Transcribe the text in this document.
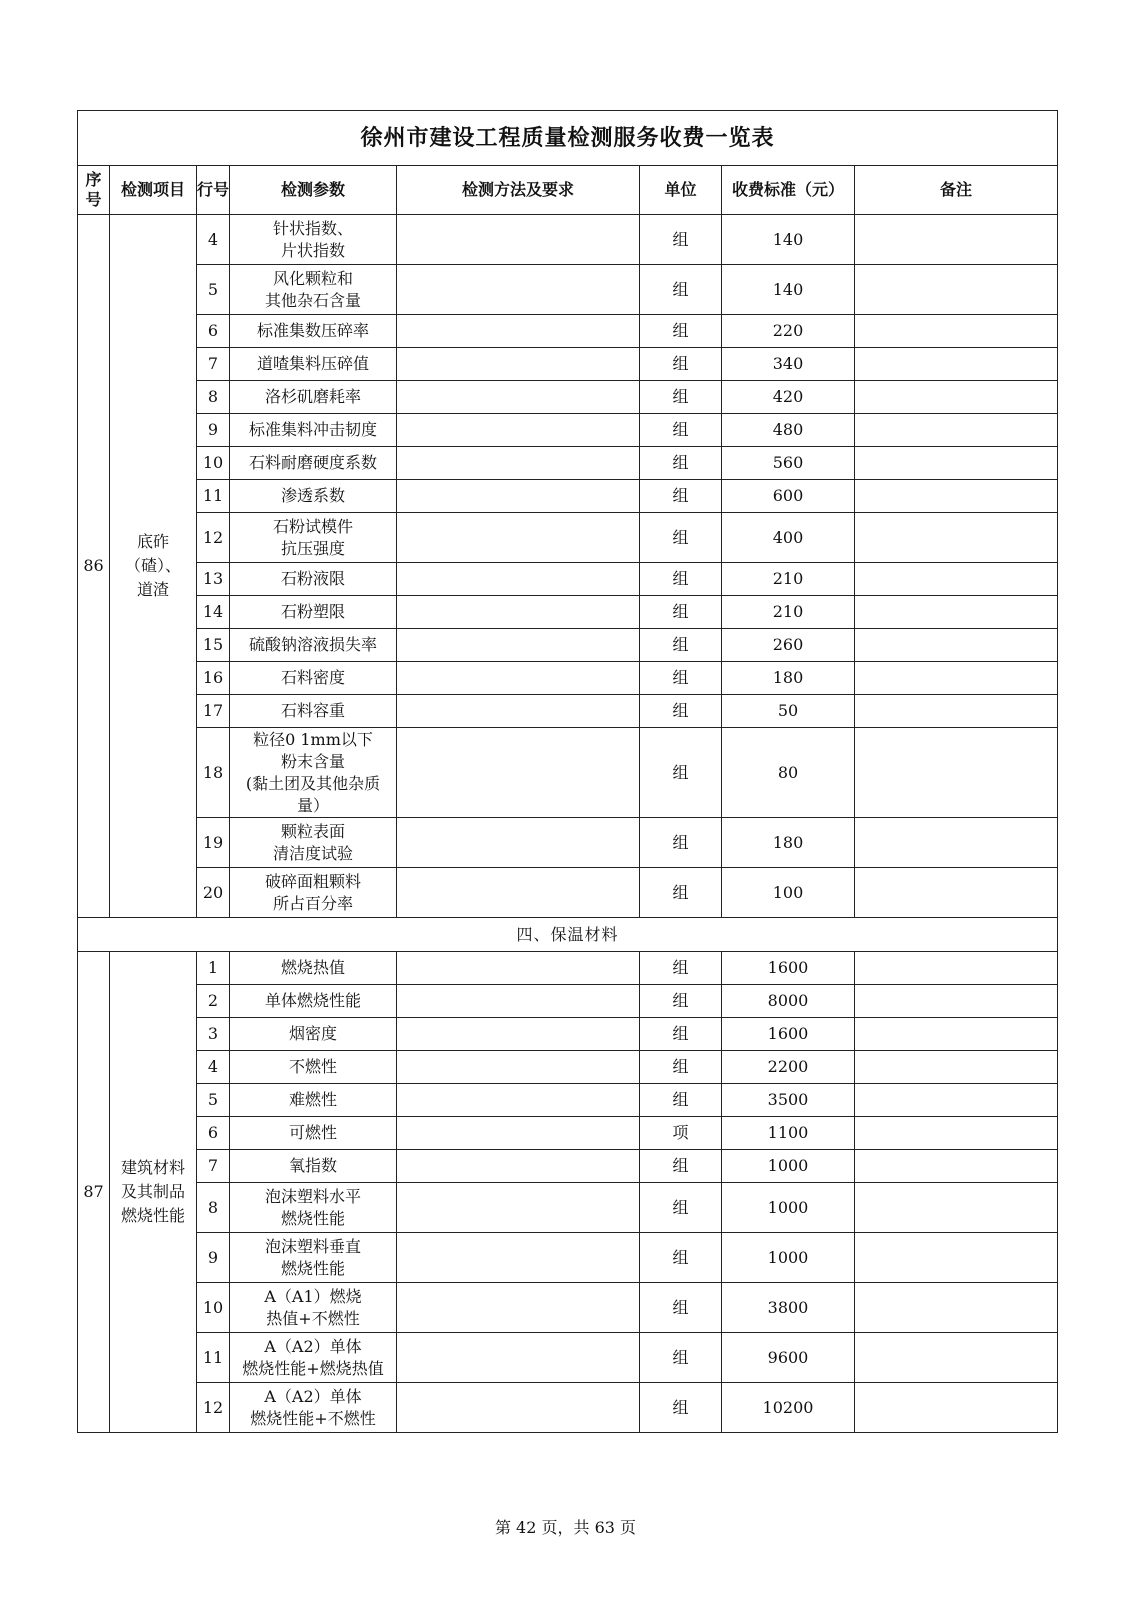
徐州市建设工程质量检测服务收费一览表							
序号	检测项目	行号	检测参数	检测方法及要求	单位	收费标准（元）	备注
86	底砟
（碴）、
道渣	4	针状指数、
片状指数		组	140	
		5	风化颗粒和
其他杂石含量		组	140	
		6	标准集数压碎率		组	220	
		7	道喳集料压碎值		组	340	
		8	洛杉矶磨耗率		组	420	
		9	标准集料冲击韧度		组	480	
		10	石料耐磨硬度系数		组	560	
		11	渗透系数		组	600	
		12	石粉试模件
抗压强度		组	400	
		13	石粉液限		组	210	
		14	石粉塑限		组	210	
		15	硫酸钠溶液损失率		组	260	
		16	石料密度		组	180	
		17	石料容重		组	50	
		18	粒径0 1mm以下
粉末含量
(黏土团及其他杂质
量）		组	80	
		19	颗粒表面
清洁度试验		组	180	
		20	破碎面粗颗料
所占百分率		组	100	
四、保温材料							
87	建筑材料
及其制品
燃烧性能	1	燃烧热值		组	1600	
		2	单体燃烧性能		组	8000	
		3	烟密度		组	1600	
		4	不燃性		组	2200	
		5	难燃性		组	3500	
		6	可燃性		项	1100	
		7	氧指数		组	1000	
		8	泡沫塑料水平
燃烧性能		组	1000	
		9	泡沫塑料垂直
燃烧性能		组	1000	
		10	A（A1）燃烧
热值+不燃性		组	3800	
		11	A（A2）单体
燃烧性能+燃烧热值		组	9600	
		12	A（A2）单体
燃烧性能+不燃性		组	10200	
第 42 页，共 63 页
